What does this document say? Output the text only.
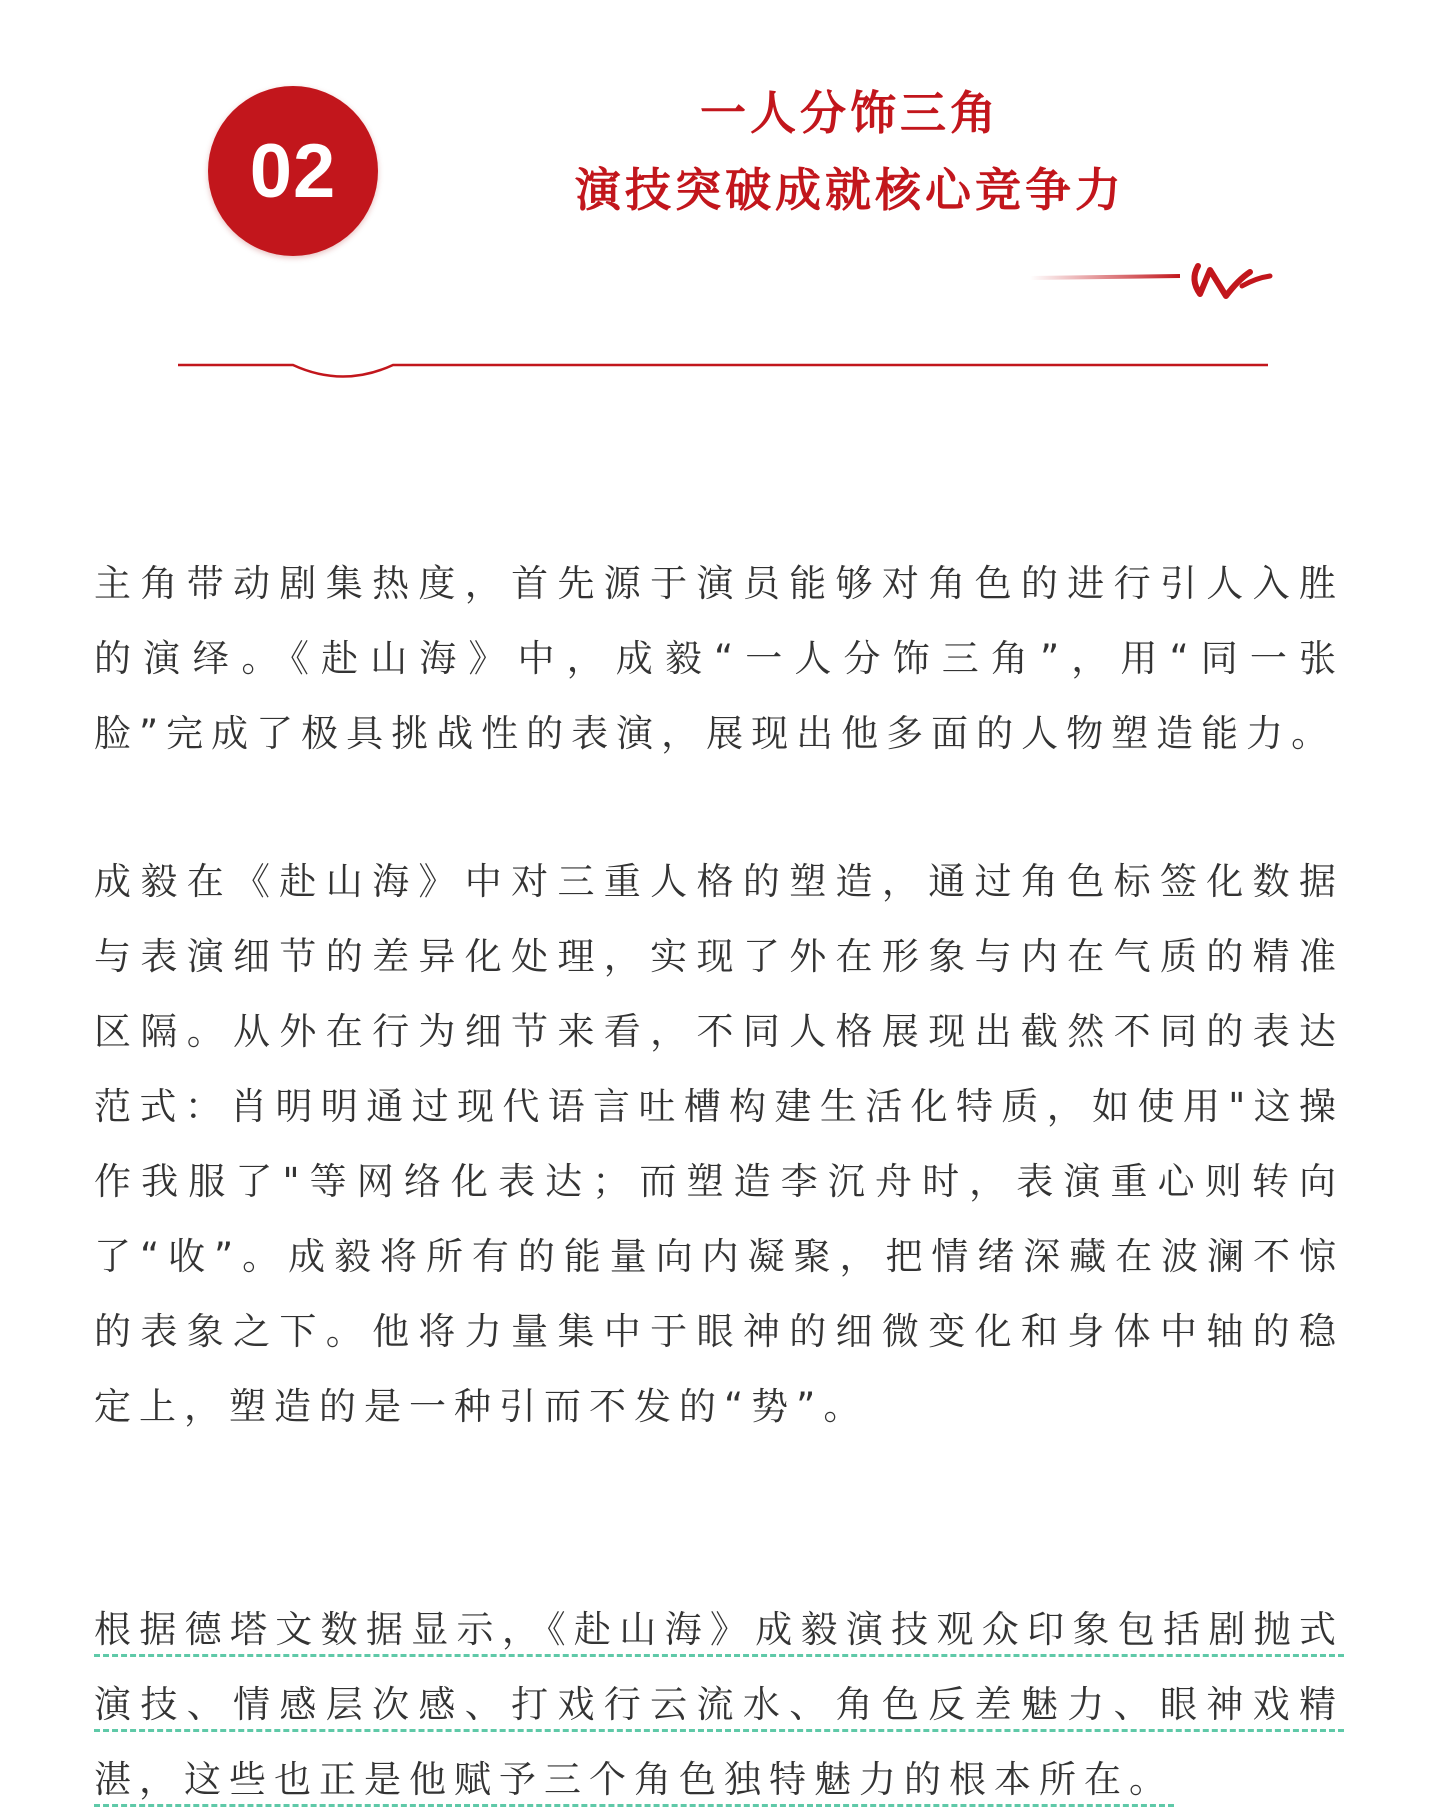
02
一人分饰三角
演技突破成就核心竞争力

主角带动剧集热度，首先源于演员能够对角色的进行引人入胜的演绎。《赴山海》中，成毅“一人分饰三角”，用“同一张脸”完成了极具挑战性的表演，展现出他多面的人物塑造能力。

成毅在《赴山海》中对三重人格的塑造，通过角色标签化数据与表演细节的差异化处理，实现了外在形象与内在气质的精准区隔。从外在行为细节来看，不同人格展现出截然不同的表达范式：肖明明通过现代语言吐槽构建生活化特质，如使用"这操作我服了"等网络化表达；而塑造李沉舟时，表演重心则转向了“收”。成毅将所有的能量向内凝聚，把情绪深藏在波澜不惊的表象之下。他将力量集中于眼神的细微变化和身体中轴的稳定上，塑造的是一种引而不发的“势”。

根据德塔文数据显示，《赴山海》成毅演技观众印象包括剧抛式演技、情感层次感、打戏行云流水、角色反差魅力、眼神戏精湛，这些也正是他赋予三个角色独特魅力的根本所在。
